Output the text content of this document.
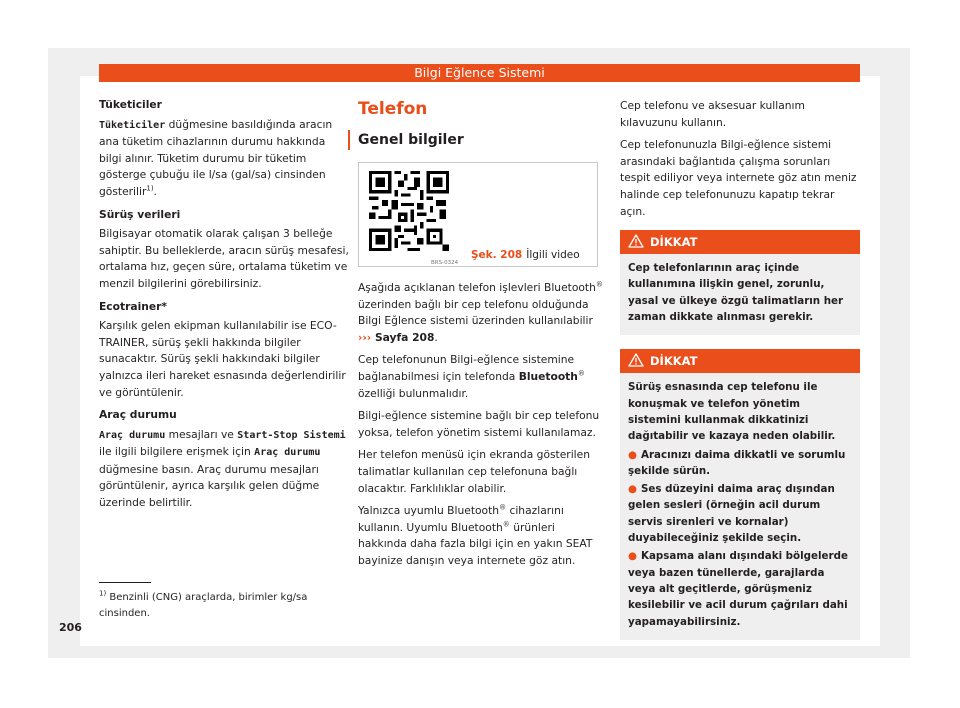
Bilgi Eğlence Sistemi
Tüketiciler

Tüketiciler düğmesine basıldığında aracın ana tüketim cihazlarının durumu hakkında bilgi alınır. Tüketim durumu bir tüketim gösterge çubuğu ile l/sa (gal/sa) cinsinden gösterilir$^{1)}$.

Sürüş verileri

Bilgisayar otomatik olarak çalışan 3 belleğe sahiptir. Bu belleklerde, aracın sürüş mesafesi, ortalama hız, geçen süre, ortalama tüketim ve menzil bilgilerini görebilirsiniz.

Ecotrainer*

Karşılık gelen ekipman kullanılabilir ise ECO-TRAINER, sürüş şekli hakkında bilgiler sunacaktır. Sürüş şekli hakkındaki bilgiler yalnızca ileri hareket esnasında değerlendirilir ve görüntülenir.

Araç durumu

Araç durumu mesajları ve Start-Stop Sistemi ile ilgili bilgilere erişmek için Araç durumu düğmesine basın. Araç durumu mesajları görüntülenir, ayrıca karşılık gelen düğme üzerinde belirtilir.

$^{1)}$ Benzinli (CNG) araçlarda, birimler kg/sa cinsinden.
Telefon
Genel bilgiler
BRS-0324
Şek. 208 İlgili video

Aşağıda açıklanan telefon işlevleri Bluetooth® üzerinden bağlı bir cep telefonu olduğunda Bilgi Eğlence sistemi üzerinden kullanılabilir ››› Sayfa 208.

Cep telefonunun Bilgi-eğlence sistemine bağlanabilmesi için telefonda Bluetooth® özelliği bulunmalıdır.

Bilgi-eğlence sistemine bağlı bir cep telefonu yoksa, telefon yönetim sistemi kullanılamaz.

Her telefon menüsü için ekranda gösterilen talimatlar kullanılan cep telefonuna bağlı olacaktır. Farklılıklar olabilir.

Yalnızca uyumlu Bluetooth® cihazlarını kullanın. Uyumlu Bluetooth® ürünleri hakkında daha fazla bilgi için en yakın SEAT bayinize danışın veya internete göz atın.

Cep telefonu ve aksesuar kullanım kılavuzunu kullanın.

Cep telefonunuzla Bilgi-eğlence sistemi arasındaki bağlantıda çalışma sorunları tespit ediliyor veya internete göz atın meniz halinde cep telefonunuzu kapatıp tekrar açın.

DİKKAT

Cep telefonlarının araç içinde kullanımına ilişkin genel, zorunlu, yasal ve ülkeye özgü talimatların her zaman dikkate alınması gerekir.

DİKKAT

Sürüş esnasında cep telefonu ile konuşmak ve telefon yönetim sistemini kullanmak dikkatinizi dağıtabilir ve kazaya neden olabilir.

● Aracınızı daima dikkatli ve sorumlu şekilde sürün.

● Ses düzeyini daima araç dışından gelen sesleri (örneğin acil durum servis sirenleri ve kornalar) duyabileceğiniz şekilde seçin.

● Kapsama alanı dışındaki bölgelerde veya bazen tünellerde, garajlarda veya alt geçitlerde, görüşmeniz kesilebilir ve acil durum çağrıları dahi yapamayabilirsiniz.

206
